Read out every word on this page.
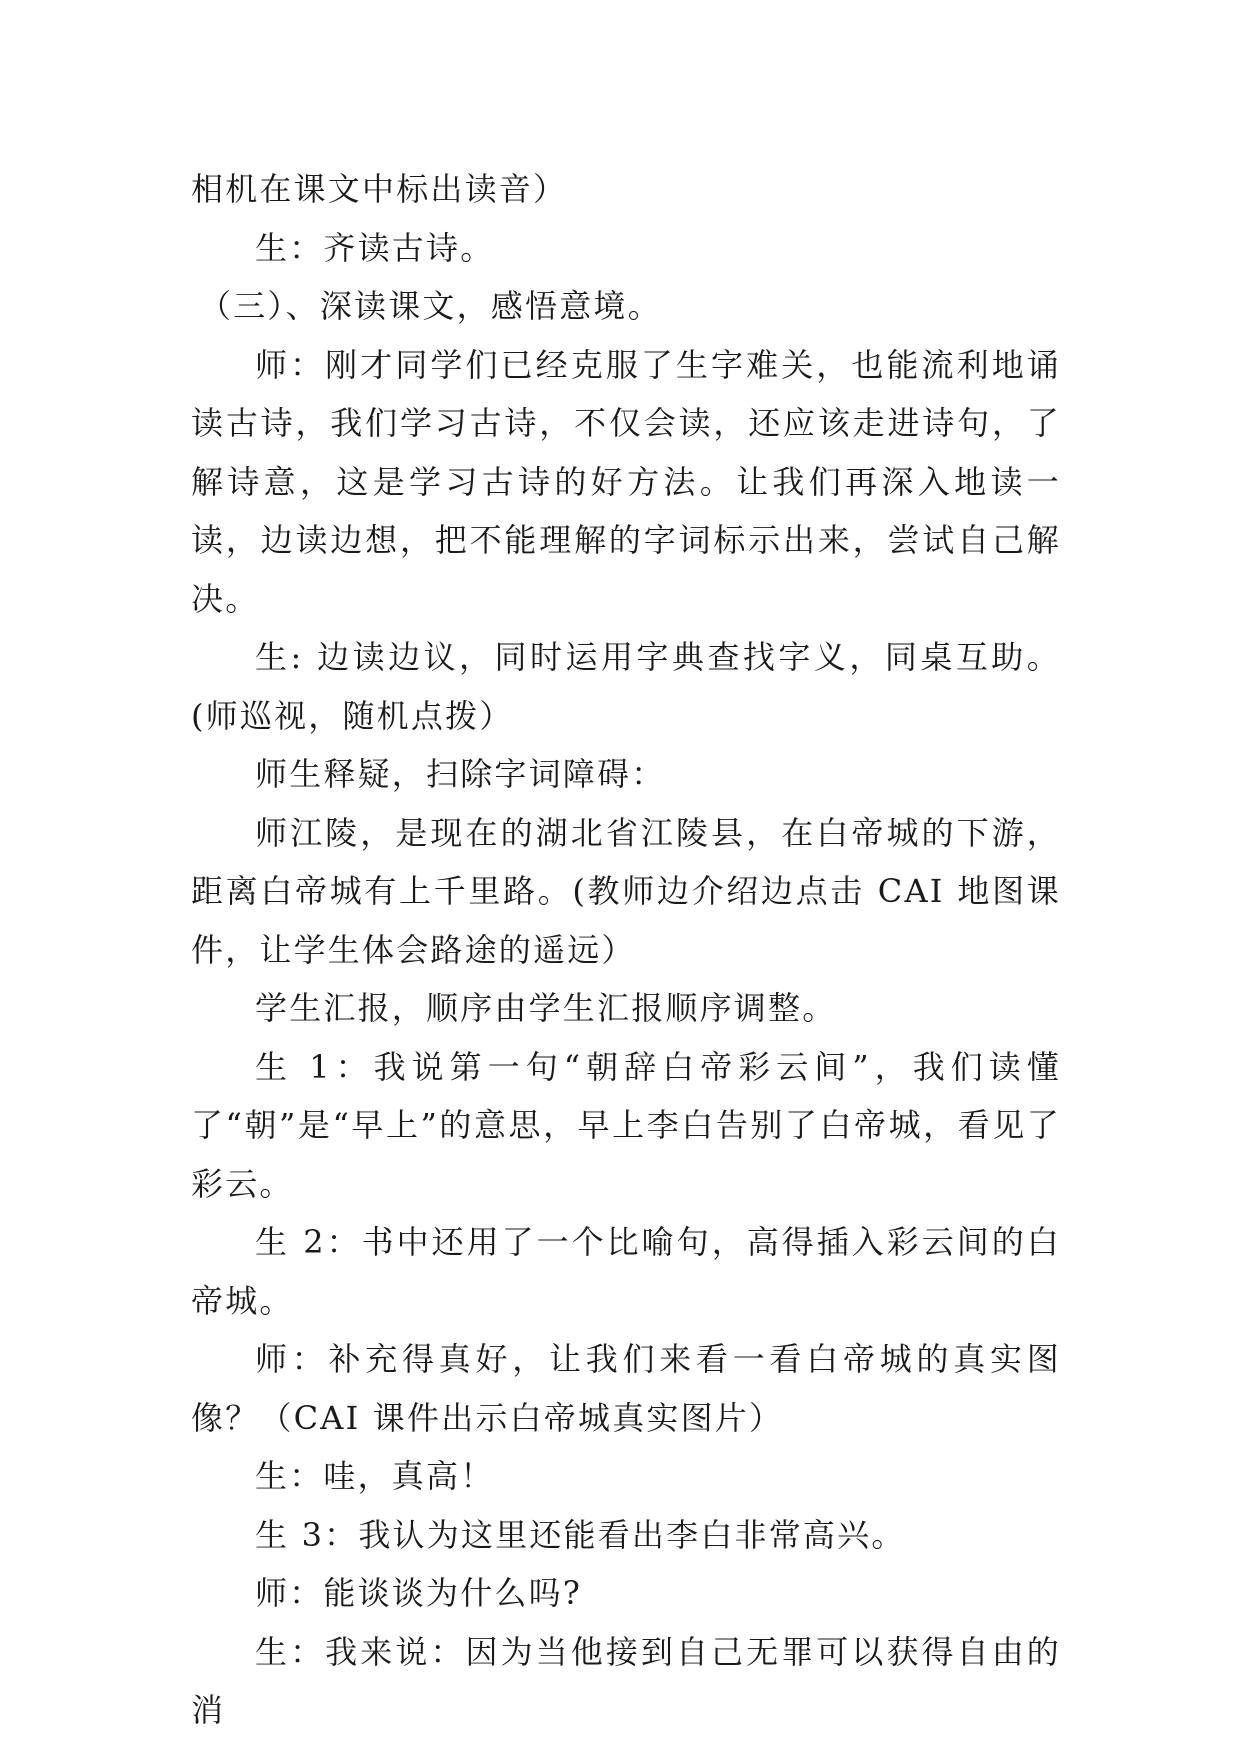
相机在课文中标出读音）

生：齐读古诗。

（三）、深读课文，感悟意境。

师：刚才同学们已经克服了生字难关，也能流利地诵读古诗，我们学习古诗，不仅会读，还应该走进诗句，了解诗意，这是学习古诗的好方法。让我们再深入地读一读，边读边想，把不能理解的字词标示出来，尝试自己解决。

生: 边读边议，同时运用字典查找字义，同桌互助。(师巡视，随机点拨）

师生释疑，扫除字词障碍：

师江陵，是现在的湖北省江陵县，在白帝城的下游，距离白帝城有上千里路。(教师边介绍边点击 CAI 地图课件，让学生体会路途的遥远）

学生汇报，顺序由学生汇报顺序调整。

生 1：我说第一句“朝辞白帝彩云间”，我们读懂了“朝”是“早上”的意思，早上李白告别了白帝城，看见了彩云。

生 2：书中还用了一个比喻句，高得插入彩云间的白帝城。

师：补充得真好，让我们来看一看白帝城的真实图像？（CAI 课件出示白帝城真实图片）

生：哇，真高！

生 3：我认为这里还能看出李白非常高兴。

师：能谈谈为什么吗?

生：我来说：因为当他接到自己无罪可以获得自由的消
